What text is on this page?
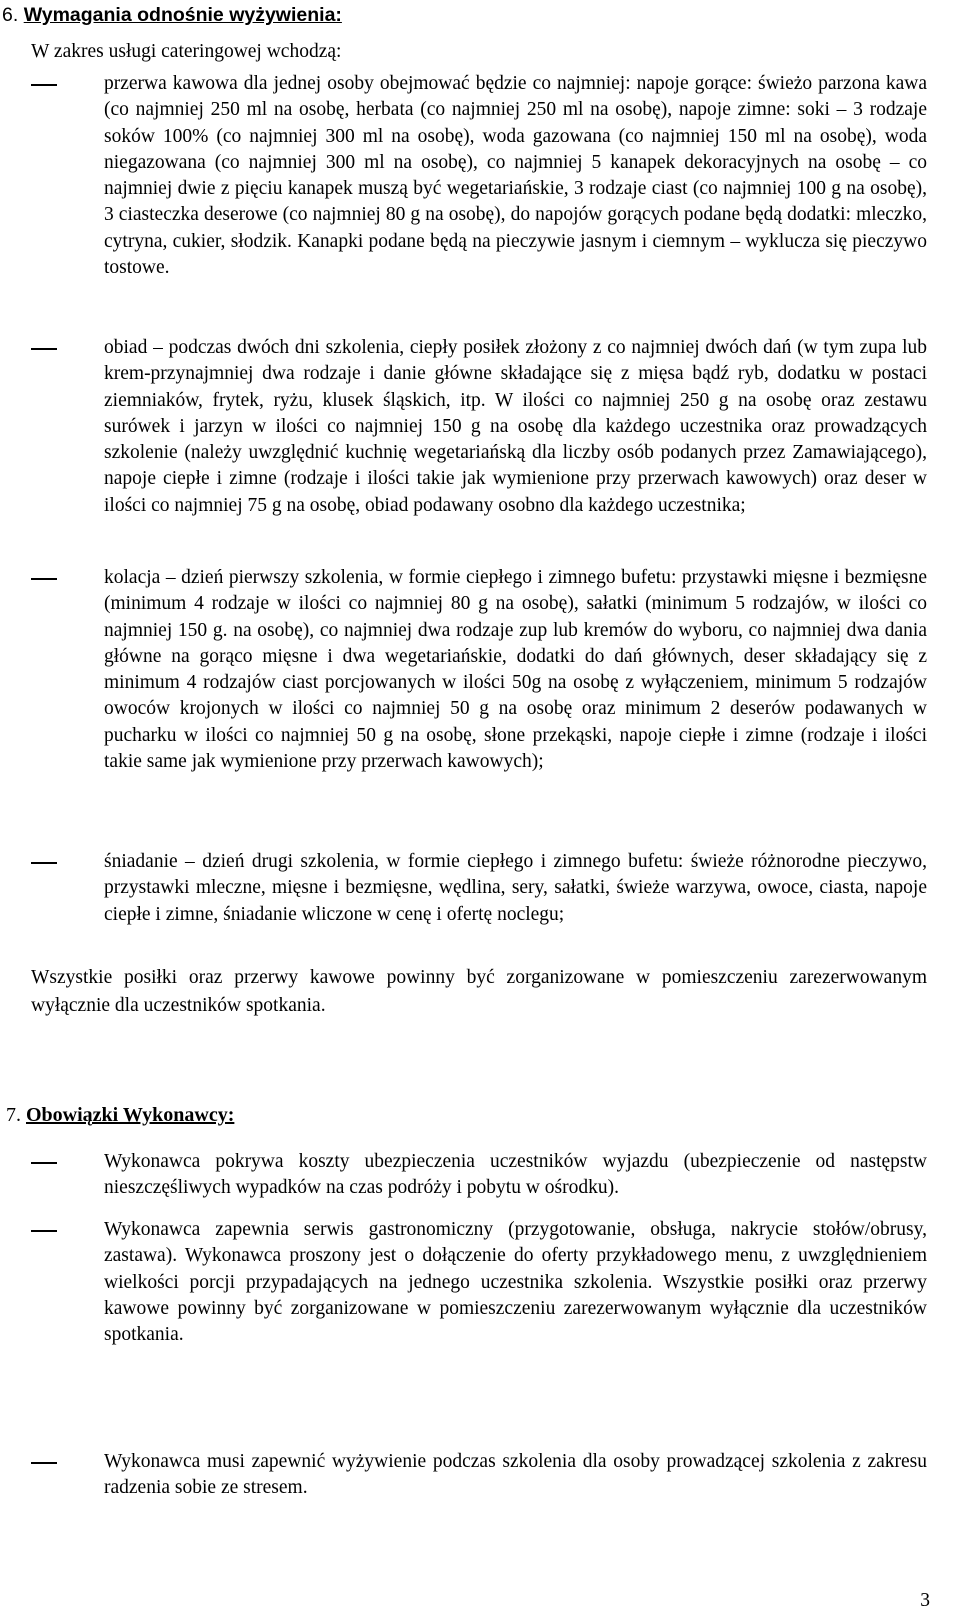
6. Wymagania odnośnie wyżywienia:
W zakres usługi cateringowej wchodzą:
przerwa kawowa dla jednej osoby obejmować będzie co najmniej: napoje gorące: świeżo parzona kawa (co najmniej 250 ml na osobę, herbata (co najmniej 250 ml na osobę), napoje zimne: soki – 3 rodzaje soków 100% (co najmniej 300 ml na osobę), woda gazowana (co najmniej 150 ml na osobę), woda niegazowana (co najmniej 300 ml na osobę), co najmniej 5 kanapek dekoracyjnych na osobę – co najmniej dwie z pięciu kanapek muszą być wegetariańskie, 3 rodzaje ciast (co najmniej 100 g na osobę), 3 ciasteczka deserowe (co najmniej 80 g na osobę), do napojów gorących podane będą dodatki: mleczko, cytryna, cukier, słodzik. Kanapki podane będą na pieczywie jasnym i ciemnym – wyklucza się pieczywo tostowe.
obiad – podczas dwóch dni szkolenia, ciepły posiłek złożony z co najmniej dwóch dań (w tym zupa lub krem-przynajmniej dwa rodzaje i danie główne składające się z mięsa bądź ryb, dodatku w postaci ziemniaków, frytek, ryżu, klusek śląskich, itp. W ilości co najmniej 250 g na osobę oraz zestawu surówek i jarzyn w ilości co najmniej 150 g na osobę dla każdego uczestnika oraz prowadzących szkolenie (należy uwzględnić kuchnię wegetariańską dla liczby osób podanych przez Zamawiającego), napoje ciepłe i zimne (rodzaje i ilości takie jak wymienione przy przerwach kawowych) oraz deser w ilości co najmniej 75 g na osobę, obiad podawany osobno dla każdego uczestnika;
kolacja – dzień pierwszy szkolenia, w formie ciepłego i zimnego bufetu: przystawki mięsne i bezmięsne (minimum 4 rodzaje w ilości co najmniej 80 g na osobę), sałatki (minimum 5 rodzajów, w ilości co najmniej 150 g. na osobę), co najmniej dwa rodzaje zup lub kremów do wyboru, co najmniej dwa dania główne na gorąco mięsne i dwa wegetariańskie, dodatki do dań głównych, deser składający się z minimum 4 rodzajów ciast porcjowanych w ilości 50g na osobę z wyłączeniem, minimum 5 rodzajów owoców krojonych w ilości co najmniej 50 g na osobę oraz minimum 2 deserów podawanych w pucharku w ilości co najmniej 50 g na osobę, słone przekąski, napoje ciepłe i zimne (rodzaje i ilości takie same jak wymienione przy przerwach kawowych);
śniadanie – dzień drugi szkolenia, w formie ciepłego i zimnego bufetu: świeże różnorodne pieczywo, przystawki mleczne, mięsne i bezmięsne, wędlina, sery, sałatki, świeże warzywa, owoce, ciasta, napoje ciepłe i zimne, śniadanie wliczone w cenę i ofertę noclegu;
Wszystkie posiłki oraz przerwy kawowe powinny być zorganizowane w pomieszczeniu zarezerwowanym wyłącznie dla uczestników spotkania.
7. Obowiązki Wykonawcy:
Wykonawca pokrywa koszty ubezpieczenia uczestników wyjazdu (ubezpieczenie od następstw nieszczęśliwych wypadków na czas podróży i pobytu w ośrodku).
Wykonawca zapewnia serwis gastronomiczny (przygotowanie, obsługa, nakrycie stołów/obrusy, zastawa). Wykonawca proszony jest o dołączenie do oferty przykładowego menu, z uwzględnieniem wielkości porcji przypadających na jednego uczestnika szkolenia. Wszystkie posiłki oraz przerwy kawowe powinny być zorganizowane w pomieszczeniu zarezerwowanym wyłącznie dla uczestników spotkania.
Wykonawca musi zapewnić wyżywienie podczas szkolenia dla osoby prowadzącej szkolenia z zakresu radzenia sobie ze stresem.
3
